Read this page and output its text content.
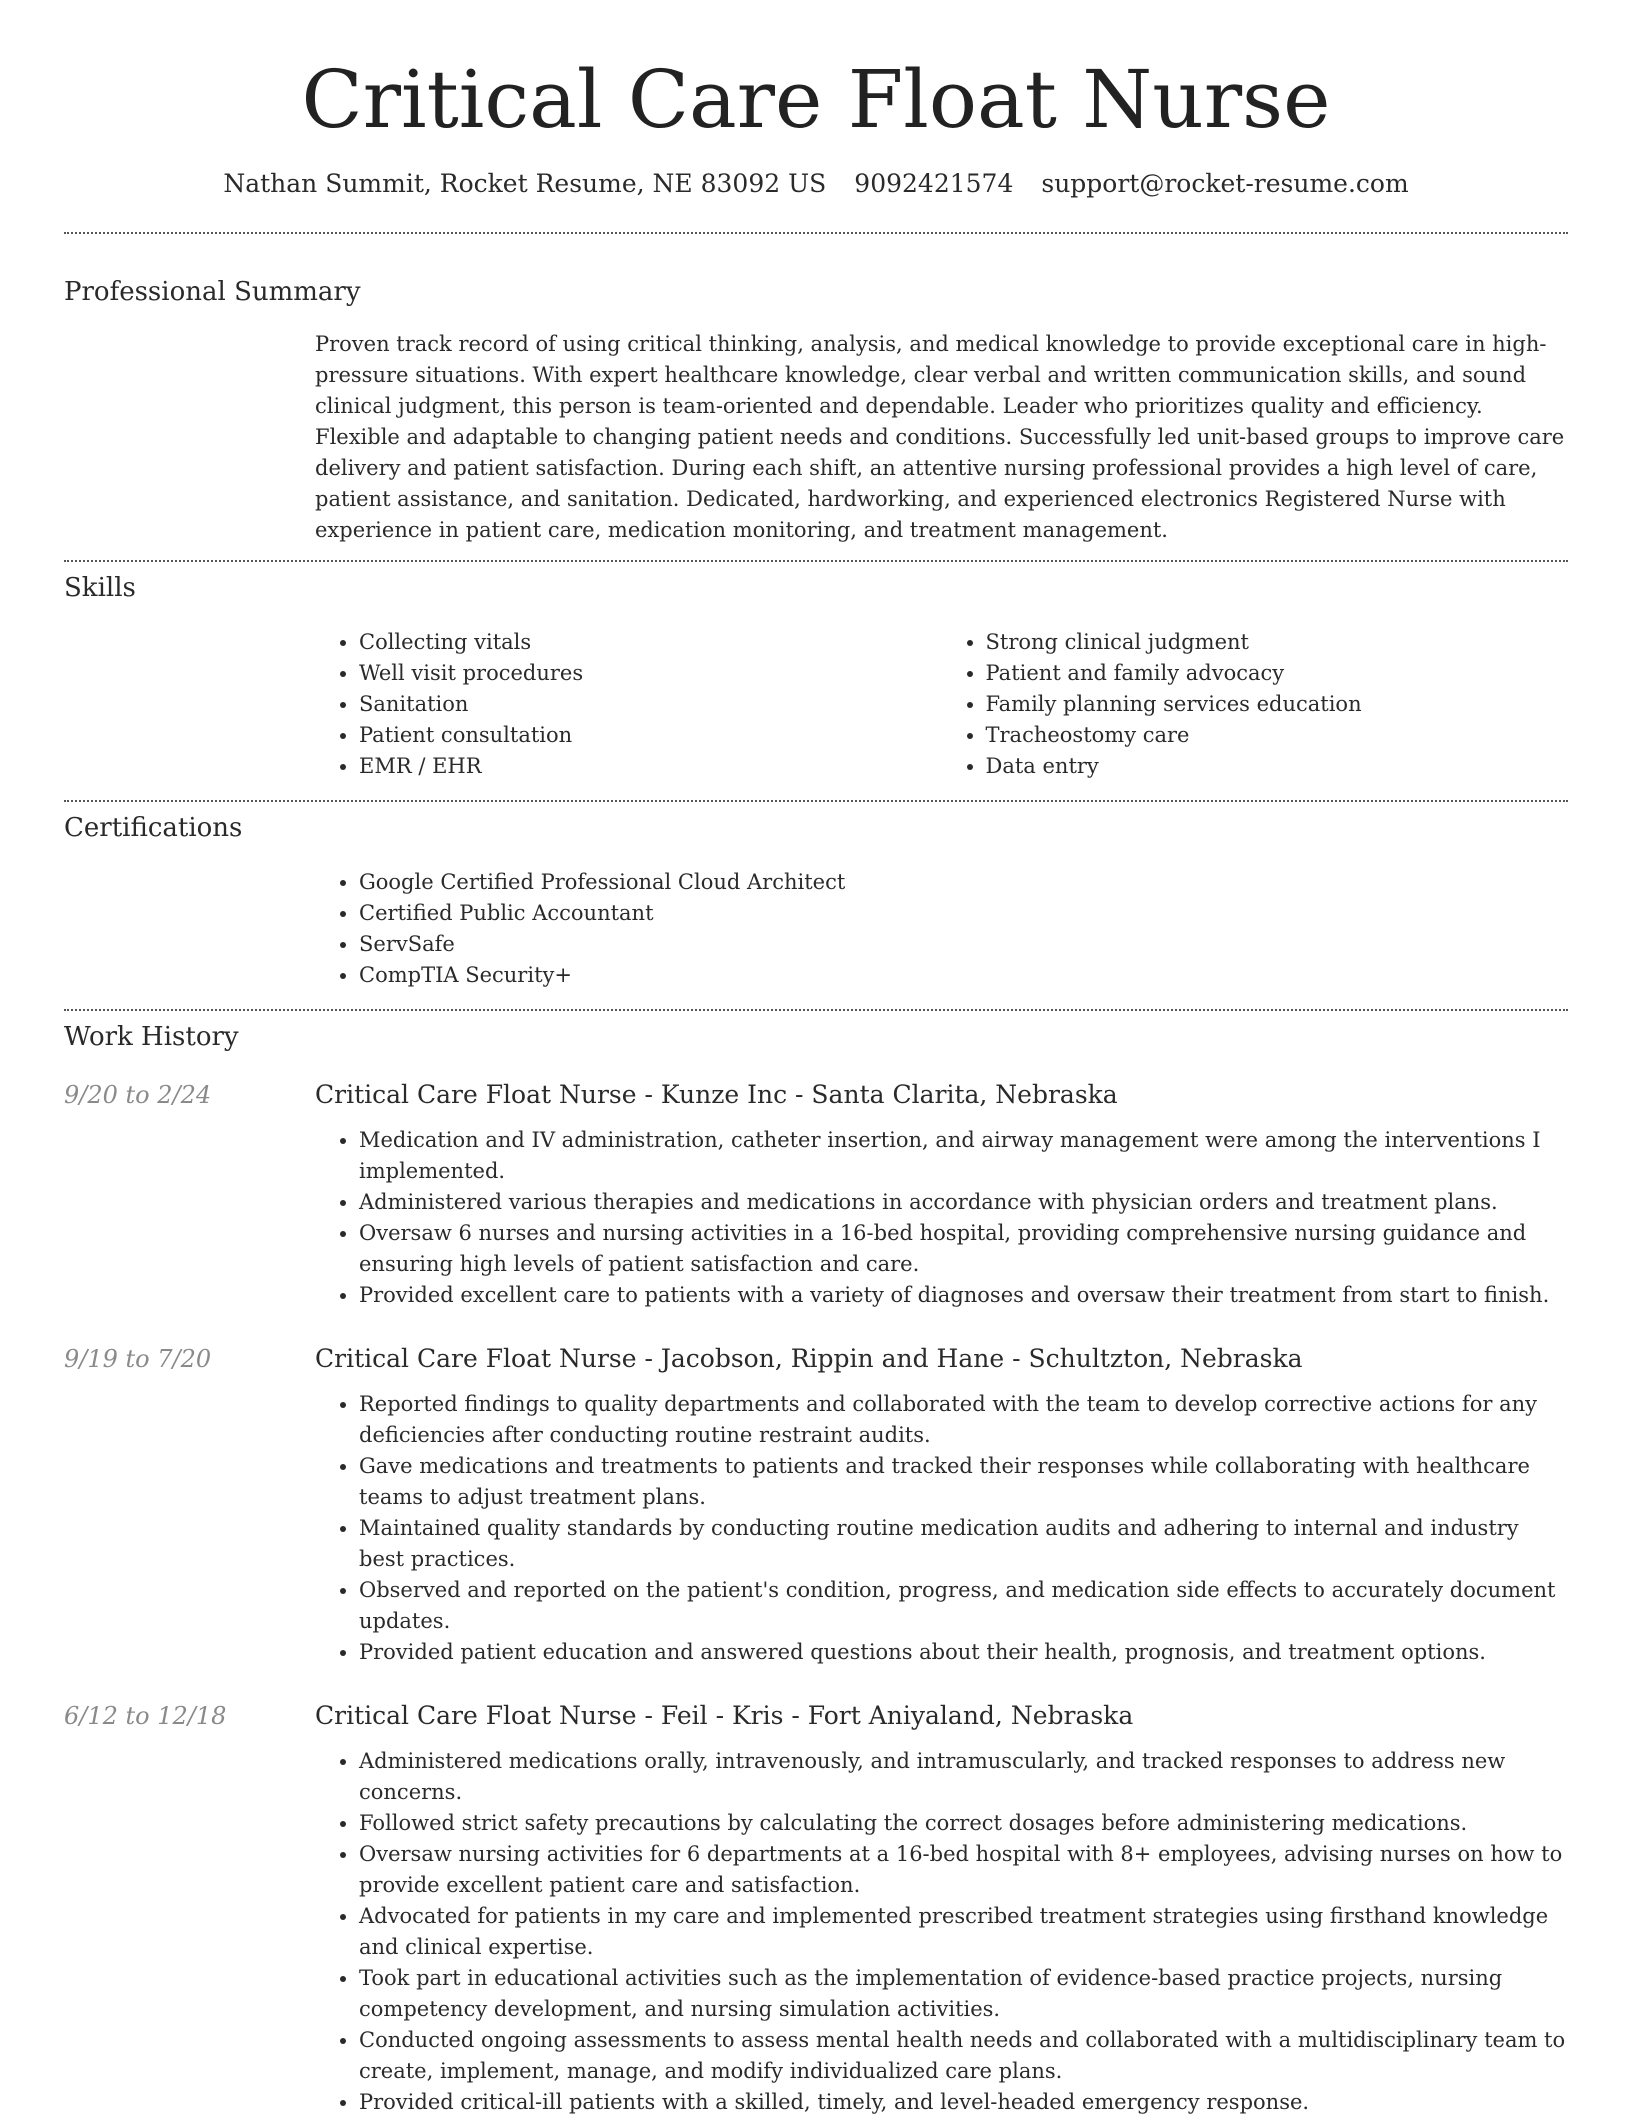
Critical Care Float Nurse
Nathan Summit, Rocket Resume, NE 83092 US 9092421574 support@rocket-resume.com
Professional Summary
Proven track record of using critical thinking, analysis, and medical knowledge to provide exceptional care in high-pressure situations. With expert healthcare knowledge, clear verbal and written communication skills, and sound clinical judgment, this person is team-oriented and dependable. Leader who prioritizes quality and efficiency. Flexible and adaptable to changing patient needs and conditions. Successfully led unit-based groups to improve care delivery and patient satisfaction. During each shift, an attentive nursing professional provides a high level of care, patient assistance, and sanitation. Dedicated, hardworking, and experienced electronics Registered Nurse with experience in patient care, medication monitoring, and treatment management.
Skills
• Collecting vitals
• Well visit procedures
• Sanitation
• Patient consultation
• EMR / EHR
• Strong clinical judgment
• Patient and family advocacy
• Family planning services education
• Tracheostomy care
• Data entry
Certifications
• Google Certified Professional Cloud Architect
• Certified Public Accountant
• ServSafe
• CompTIA Security+
Work History
9/20 to 2/24	Critical Care Float Nurse - Kunze Inc - Santa Clarita, Nebraska
• Medication and IV administration, catheter insertion, and airway management were among the interventions I implemented.
• Administered various therapies and medications in accordance with physician orders and treatment plans.
• Oversaw 6 nurses and nursing activities in a 16-bed hospital, providing comprehensive nursing guidance and ensuring high levels of patient satisfaction and care.
• Provided excellent care to patients with a variety of diagnoses and oversaw their treatment from start to finish.
9/19 to 7/20	Critical Care Float Nurse - Jacobson, Rippin and Hane - Schultzton, Nebraska
• Reported findings to quality departments and collaborated with the team to develop corrective actions for any deficiencies after conducting routine restraint audits.
• Gave medications and treatments to patients and tracked their responses while collaborating with healthcare teams to adjust treatment plans.
• Maintained quality standards by conducting routine medication audits and adhering to internal and industry best practices.
• Observed and reported on the patient's condition, progress, and medication side effects to accurately document updates.
• Provided patient education and answered questions about their health, prognosis, and treatment options.
6/12 to 12/18	Critical Care Float Nurse - Feil - Kris - Fort Aniyaland, Nebraska
• Administered medications orally, intravenously, and intramuscularly, and tracked responses to address new concerns.
• Followed strict safety precautions by calculating the correct dosages before administering medications.
• Oversaw nursing activities for 6 departments at a 16-bed hospital with 8+ employees, advising nurses on how to provide excellent patient care and satisfaction.
• Advocated for patients in my care and implemented prescribed treatment strategies using firsthand knowledge and clinical expertise.
• Took part in educational activities such as the implementation of evidence-based practice projects, nursing competency development, and nursing simulation activities.
• Conducted ongoing assessments to assess mental health needs and collaborated with a multidisciplinary team to create, implement, manage, and modify individualized care plans.
• Provided critical-ill patients with a skilled, timely, and level-headed emergency response.
